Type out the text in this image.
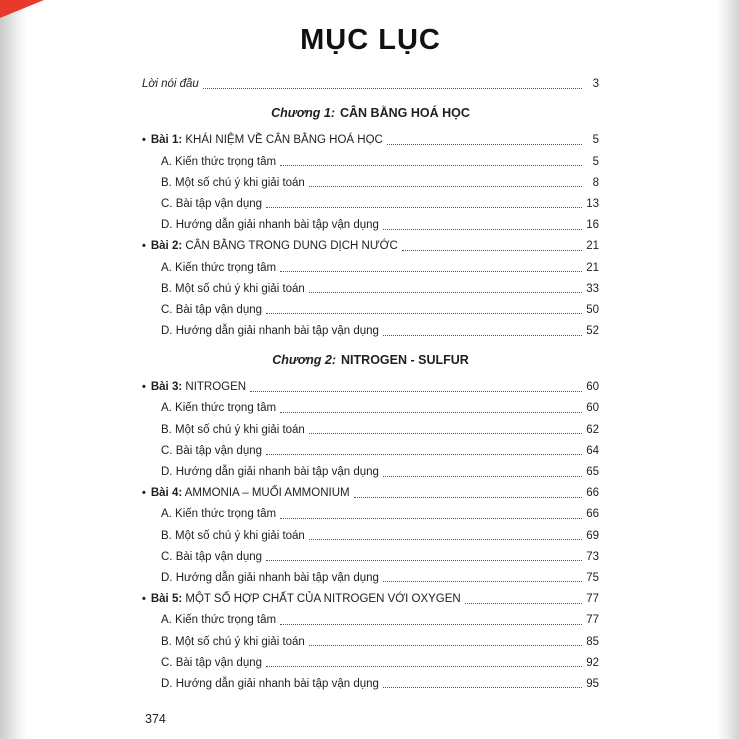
MỤC LỤC
Lời nói đầu	3
Chương 1: CÂN BẰNG HOÁ HỌC
• Bài 1: KHÁI NIỆM VỀ CÂN BẰNG HOÁ HỌC	5
A. Kiến thức trọng tâm	5
B. Một số chú ý khi giải toán	8
C. Bài tập vận dụng	13
D. Hướng dẫn giải nhanh bài tập vận dụng	16
• Bài 2: CÂN BẰNG TRONG DUNG DỊCH NƯỚC	21
A. Kiến thức trọng tâm	21
B. Một số chú ý khi giải toán	33
C. Bài tập vận dụng	50
D. Hướng dẫn giải nhanh bài tập vận dụng	52
Chương 2: NITROGEN - SULFUR
• Bài 3: NITROGEN	60
A. Kiến thức trọng tâm	60
B. Một số chú ý khi giải toán	62
C. Bài tập vận dụng	64
D. Hướng dẫn giải nhanh bài tập vận dụng	65
• Bài 4: AMMONIA – MUỐI AMMONIUM	66
A. Kiến thức trọng tâm	66
B. Một số chú ý khi giải toán	69
C. Bài tập vận dụng	73
D. Hướng dẫn giải nhanh bài tập vận dụng	75
• Bài 5: MỘT SỐ HỢP CHẤT CỦA NITROGEN VỚI OXYGEN	77
A. Kiến thức trọng tâm	77
B. Một số chú ý khi giải toán	85
C. Bài tập vận dụng	92
D. Hướng dẫn giải nhanh bài tập vận dụng	95
374
